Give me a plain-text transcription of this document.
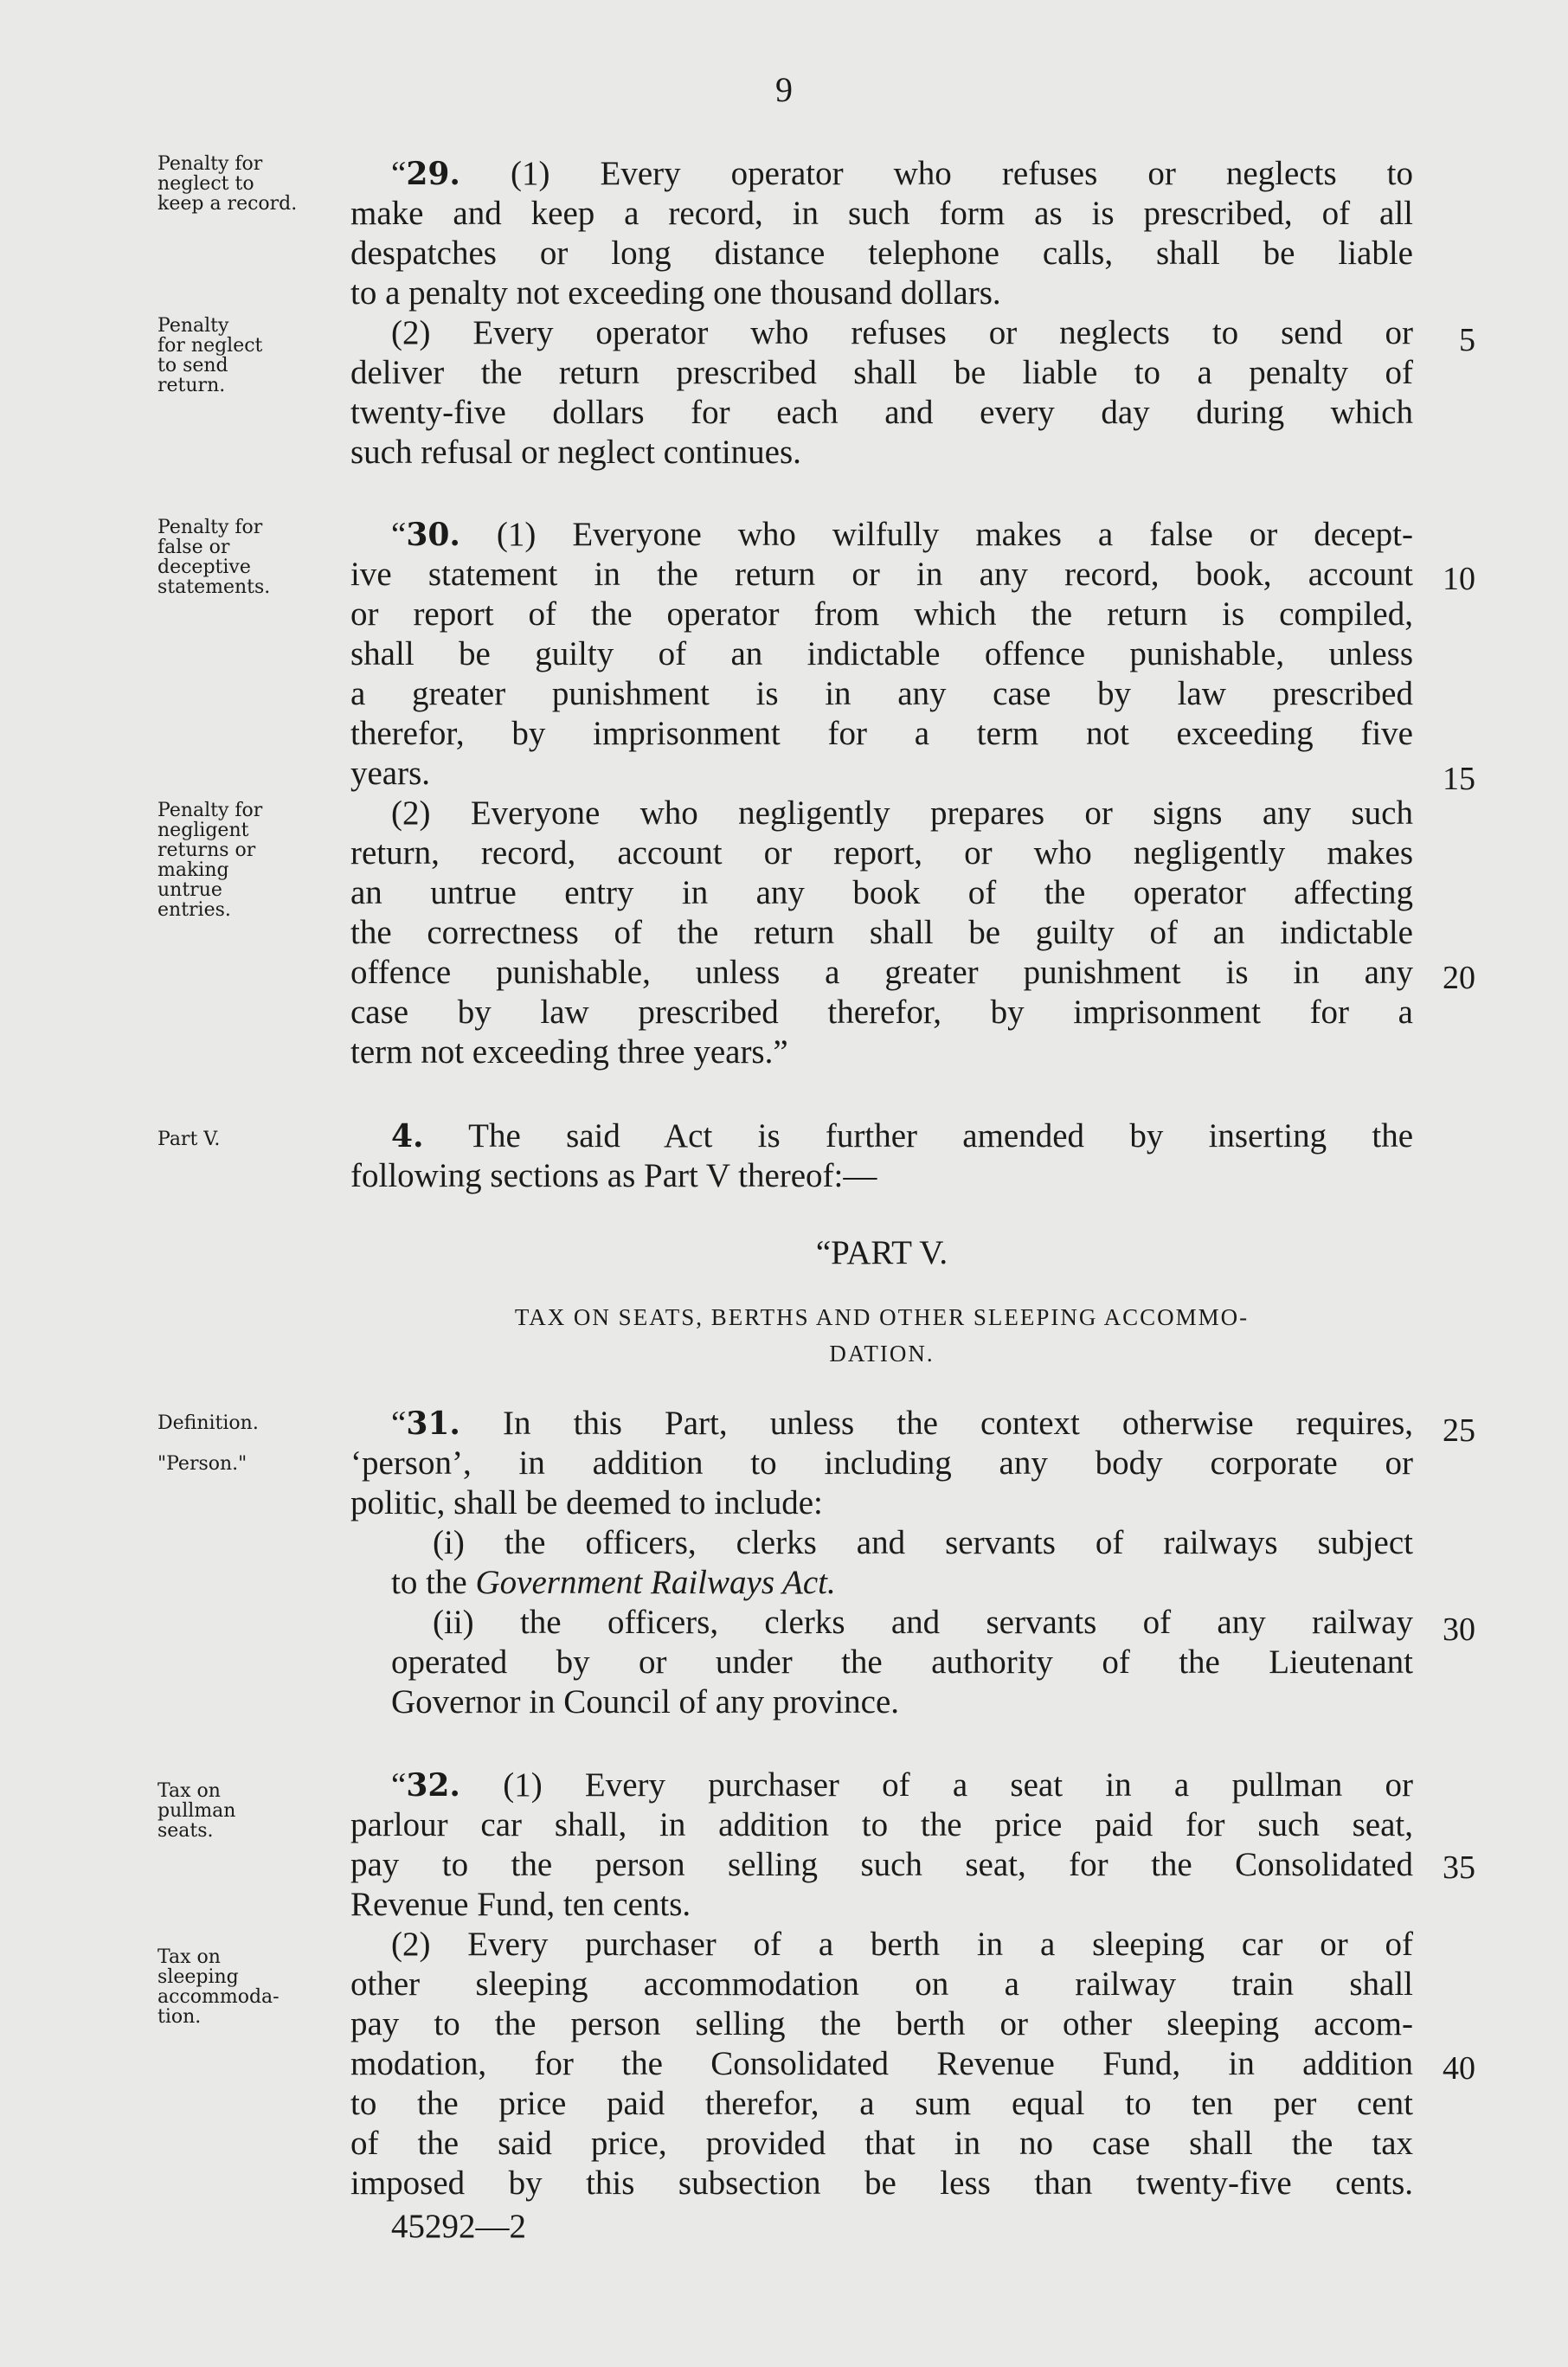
9
Penalty for
neglect to
keep a record.
Penalty
for neglect
to send
return.
Penalty for
false or
deceptive
statements.
Penalty for
negligent
returns or
making
untrue
entries.
Part V.
Definition.
"Person."
Tax on
pullman
seats.
Tax on
sleeping
accommoda-
tion.
5
10
15
20
25
30
35
40
“29. (1) Every operator who refuses or neglects to
make and keep a record, in such form as is prescribed, of all
despatches or long distance telephone calls, shall be liable
to a penalty not exceeding one thousand dollars.
(2) Every operator who refuses or neglects to send or
deliver the return prescribed shall be liable to a penalty of
twenty-five dollars for each and every day during which
such refusal or neglect continues.
“30. (1) Everyone who wilfully makes a false or decept-
ive statement in the return or in any record, book, account
or report of the operator from which the return is compiled,
shall be guilty of an indictable offence punishable, unless
a greater punishment is in any case by law prescribed
therefor, by imprisonment for a term not exceeding five
years.
(2) Everyone who negligently prepares or signs any such
return, record, account or report, or who negligently makes
an untrue entry in any book of the operator affecting
the correctness of the return shall be guilty of an indictable
offence punishable, unless a greater punishment is in any
case by law prescribed therefor, by imprisonment for a
term not exceeding three years.”
4. The said Act is further amended by inserting the
following sections as Part V thereof:—
“PART V.
TAX ON SEATS, BERTHS AND OTHER SLEEPING ACCOMMO-
DATION.
“31. In this Part, unless the context otherwise requires,
‘person’, in addition to including any body corporate or
politic, shall be deemed to include:
(i) the officers, clerks and servants of railways subject
to the Government Railways Act.
(ii) the officers, clerks and servants of any railway
operated by or under the authority of the Lieutenant
Governor in Council of any province.
“32. (1) Every purchaser of a seat in a pullman or
parlour car shall, in addition to the price paid for such seat,
pay to the person selling such seat, for the Consolidated
Revenue Fund, ten cents.
(2) Every purchaser of a berth in a sleeping car or of
other sleeping accommodation on a railway train shall
pay to the person selling the berth or other sleeping accom-
modation, for the Consolidated Revenue Fund, in addition
to the price paid therefor, a sum equal to ten per cent
of the said price, provided that in no case shall the tax
imposed by this subsection be less than twenty-five cents.
45292—2
